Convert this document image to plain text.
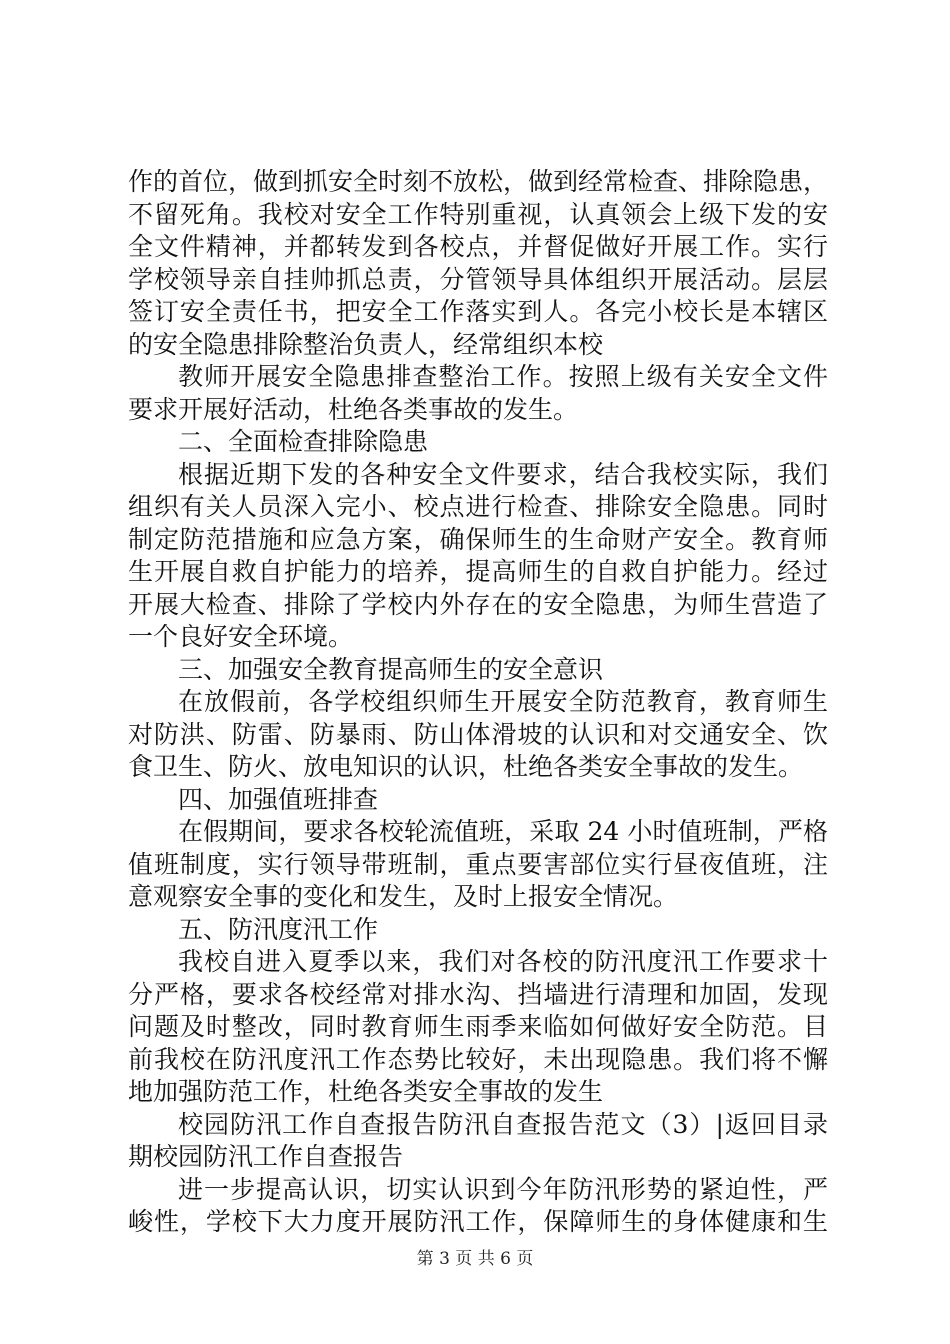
作的首位，做到抓安全时刻不放松，做到经常检查、排除隐患，
不留死角。我校对安全工作特别重视，认真领会上级下发的安
全文件精神，并都转发到各校点，并督促做好开展工作。实行
学校领导亲自挂帅抓总责，分管领导具体组织开展活动。层层
签订安全责任书，把安全工作落实到人。各完小校长是本辖区
的安全隐患排除整治负责人，经常组织本校
教师开展安全隐患排查整治工作。按照上级有关安全文件
要求开展好活动，杜绝各类事故的发生。
二、全面检查排除隐患
根据近期下发的各种安全文件要求，结合我校实际，我们
组织有关人员深入完小、校点进行检查、排除安全隐患。同时
制定防范措施和应急方案，确保师生的生命财产安全。教育师
生开展自救自护能力的培养，提高师生的自救自护能力。经过
开展大检查、排除了学校内外存在的安全隐患，为师生营造了
一个良好安全环境。
三、加强安全教育提高师生的安全意识
在放假前，各学校组织师生开展安全防范教育，教育师生
对防洪、防雷、防暴雨、防山体滑坡的认识和对交通安全、饮
食卫生、防火、放电知识的认识，杜绝各类安全事故的发生。
四、加强值班排查
在假期间，要求各校轮流值班，采取 24 小时值班制，严格
值班制度，实行领导带班制，重点要害部位实行昼夜值班，注
意观察安全事的变化和发生，及时上报安全情况。
五、防汛度汛工作
我校自进入夏季以来，我们对各校的防汛度汛工作要求十
分严格，要求各校经常对排水沟、挡墙进行清理和加固，发现
问题及时整改，同时教育师生雨季来临如何做好安全防范。目
前我校在防汛度汛工作态势比较好，未出现隐患。我们将不懈
地加强防范工作，杜绝各类安全事故的发生
校园防汛工作自查报告防汛自查报告范文（3）|返回目录
期校园防汛工作自查报告
进一步提高认识，切实认识到今年防汛形势的紧迫性，严
峻性，学校下大力度开展防汛工作，保障师生的身体健康和生
第 3 页 共 6 页
